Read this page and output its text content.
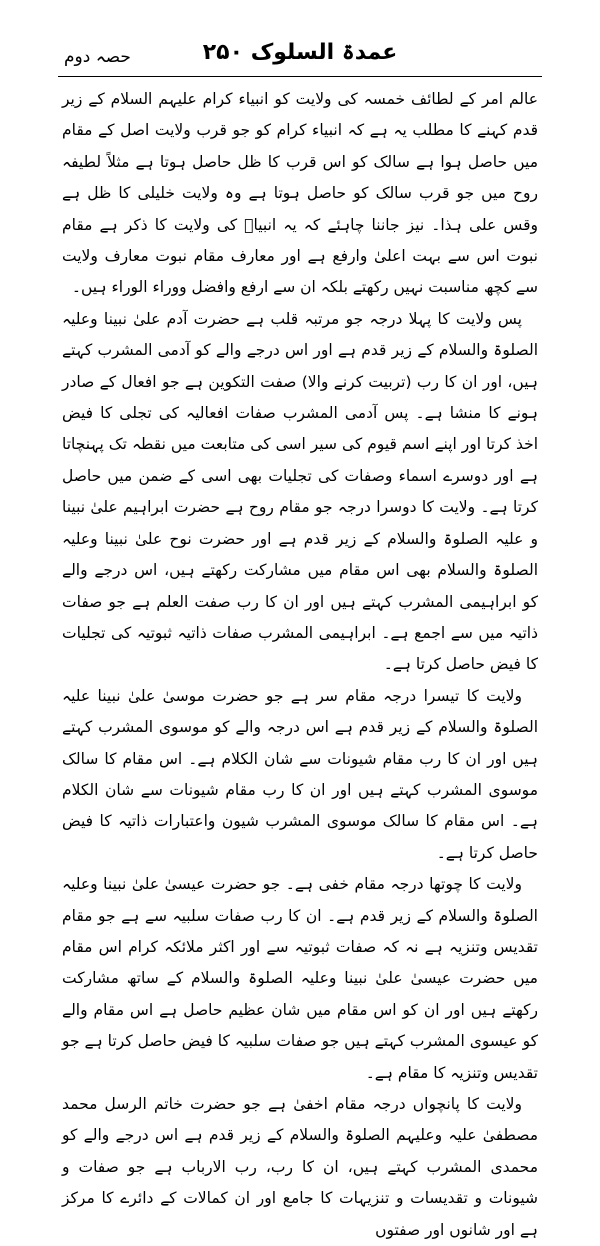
حصہ دوم	عمدۃ السلوک ۲۵۰

عالم امر کے لطائف خمسہ کی ولایت کو انبیاء کرام علیہم السلام کے زیر قدم کہنے کا مطلب یہ ہے کہ انبیاء کرام کو جو قرب ولایت اصل کے مقام میں حاصل ہوا ہے سالک کو اس قرب کا ظل حاصل ہوتا ہے مثلاً لطیفہ روح میں جو قرب سالک کو حاصل ہوتا ہے وہ ولایت خلیلی کا ظل ہے وقس علی ہذا۔ نیز جاننا چاہئے کہ یہ انبیاؑ کی ولایت کا ذکر ہے مقام نبوت اس سے بہت اعلیٰ وارفع ہے اور معارف مقام نبوت معارف ولایت سے کچھ مناسبت نہیں رکھتے بلکہ ان سے ارفع وافضل ووراء الوراء ہیں۔

پس ولایت کا پہلا درجہ جو مرتبہ قلب ہے حضرت آدم علیٰ نبینا وعلیہ الصلوۃ والسلام کے زیر قدم ہے اور اس درجے والے کو آدمی المشرب کہتے ہیں، اور ان کا رب (تربیت کرنے والا) صفت التکوین ہے جو افعال کے صادر ہونے کا منشا ہے۔ پس آدمی المشرب صفات افعالیہ کی تجلی کا فیض اخذ کرتا اور اپنے اسم قیوم کی سیر اسی کی متابعت میں نقطہ تک پہنچاتا ہے اور دوسرے اسماء وصفات کی تجلیات بھی اسی کے ضمن میں حاصل کرتا ہے۔ ولایت کا دوسرا درجہ جو مقام روح ہے حضرت ابراہیم علیٰ نبینا و علیہ الصلوۃ والسلام کے زیر قدم ہے اور حضرت نوح علیٰ نبینا وعلیہ الصلوۃ والسلام بھی اس مقام میں مشارکت رکھتے ہیں، اس درجے والے کو ابراہیمی المشرب کہتے ہیں اور ان کا رب صفت العلم ہے جو صفات ذاتیہ میں سے اجمع ہے۔ ابراہیمی المشرب صفات ذاتیہ ثبوتیہ کی تجلیات کا فیض حاصل کرتا ہے۔

ولایت کا تیسرا درجہ مقام سر ہے جو حضرت موسیٰ علیٰ نبینا علیہ الصلوۃ والسلام کے زیر قدم ہے اس درجہ والے کو موسوی المشرب کہتے ہیں اور ان کا رب مقام شیونات سے شان الکلام ہے۔ اس مقام کا سالک موسوی المشرب کہتے ہیں اور ان کا رب مقام شیونات سے شان الکلام ہے۔ اس مقام کا سالک موسوی المشرب شیون واعتبارات ذاتیہ کا فیض حاصل کرتا ہے۔

ولایت کا چوتھا درجہ مقام خفی ہے۔ جو حضرت عیسیٰ علیٰ نبینا وعلیہ الصلوۃ والسلام کے زیر قدم ہے۔ ان کا رب صفات سلبیہ سے ہے جو مقام تقدیس وتنزیہ ہے نہ کہ صفات ثبوتیہ سے اور اکثر ملائکہ کرام اس مقام میں حضرت عیسیٰ علیٰ نبینا وعلیہ الصلوۃ والسلام کے ساتھ مشارکت رکھتے ہیں اور ان کو اس مقام میں شان عظیم حاصل ہے اس مقام والے کو عیسوی المشرب کہتے ہیں جو صفات سلبیہ کا فیض حاصل کرتا ہے جو تقدیس وتنزیہ کا مقام ہے۔

ولایت کا پانچواں درجہ مقام اخفیٰ ہے جو حضرت خاتم الرسل محمد مصطفیٰ علیہ وعلیہم الصلوۃ والسلام کے زیر قدم ہے اس درجے والے کو محمدی المشرب کہتے ہیں، ان کا رب، رب الارباب ہے جو صفات و شیونات و تقدیسات و تنزیہات کا جامع اور ان کمالات کے دائرے کا مرکز ہے اور شانوں اور صفتوں
